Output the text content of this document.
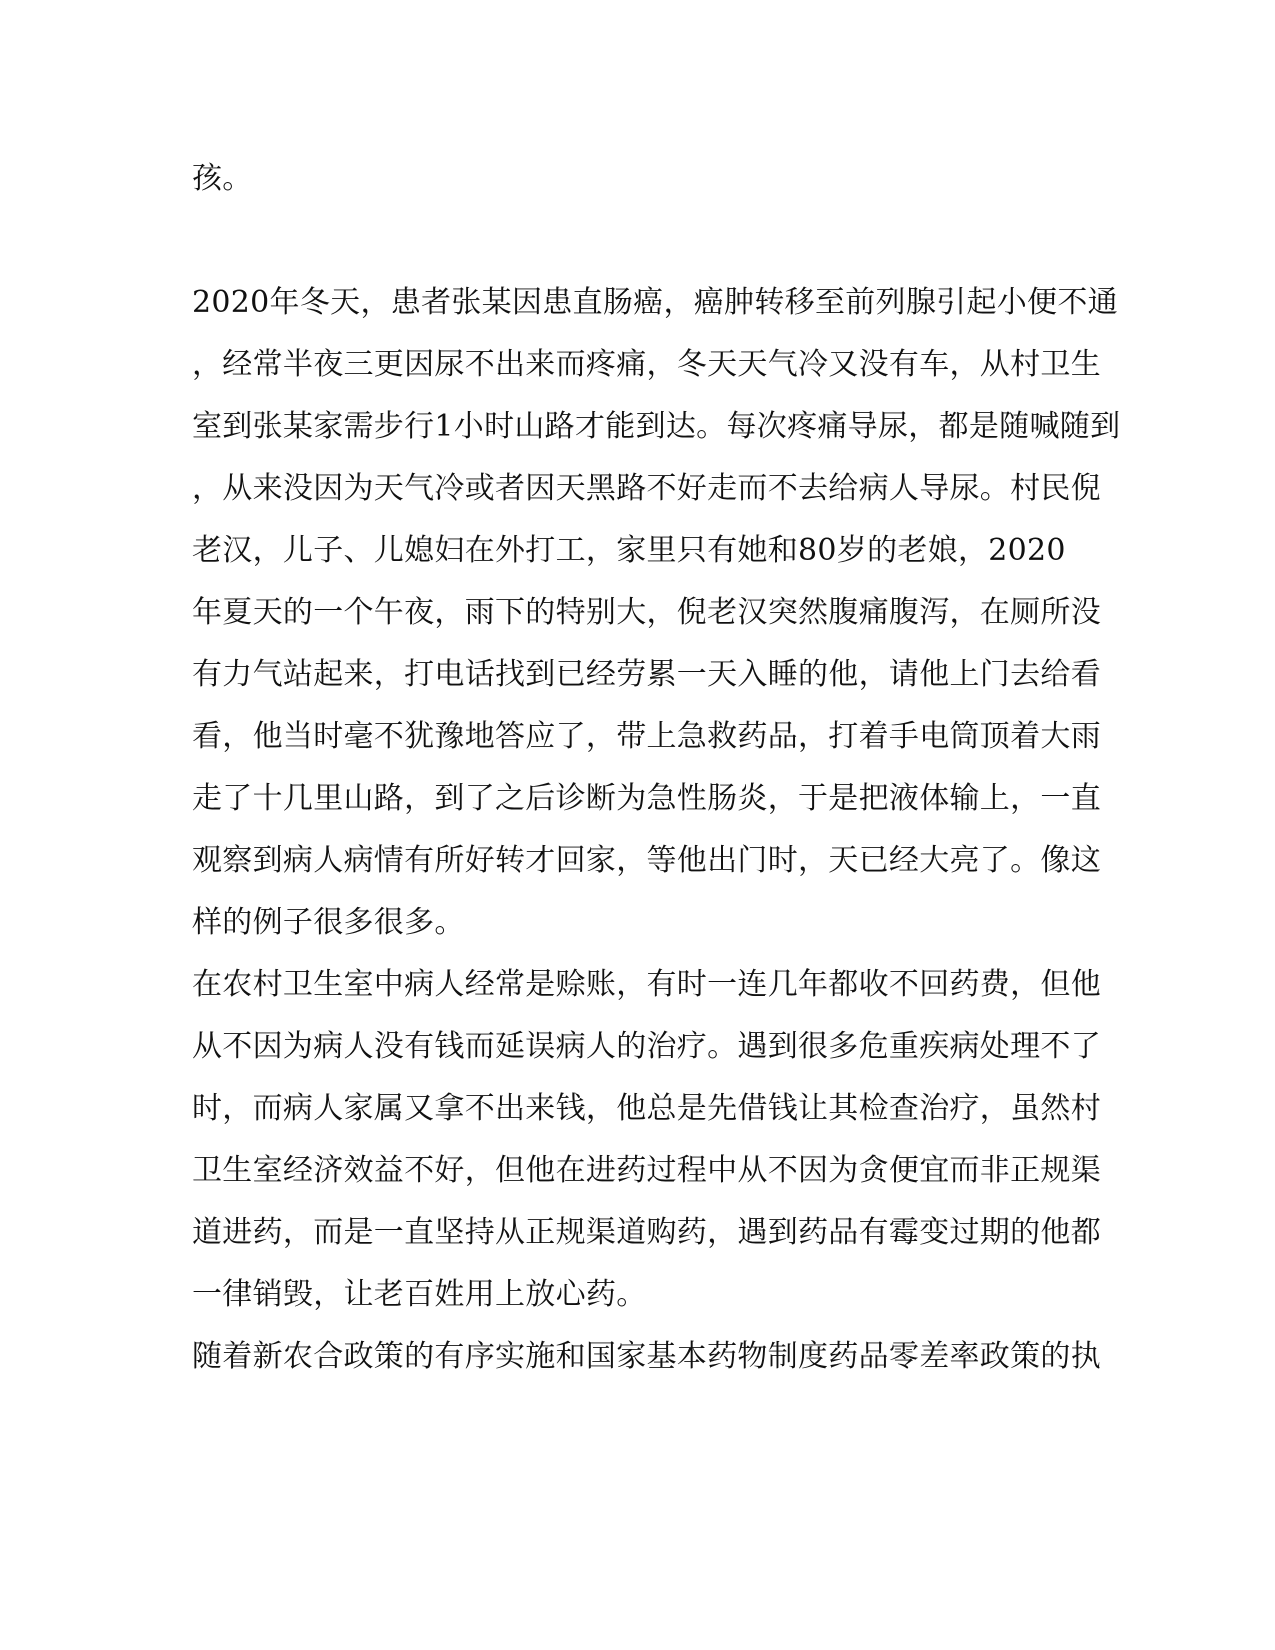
孩。
2020年冬天，患者张某因患直肠癌，癌肿转移至前列腺引起小便不通
，经常半夜三更因尿不出来而疼痛，冬天天气冷又没有车，从村卫生
室到张某家需步行1小时山路才能到达。每次疼痛导尿，都是随喊随到
，从来没因为天气冷或者因天黑路不好走而不去给病人导尿。村民倪
老汉，儿子、儿媳妇在外打工，家里只有她和80岁的老娘，2020
年夏天的一个午夜，雨下的特别大，倪老汉突然腹痛腹泻，在厕所没
有力气站起来，打电话找到已经劳累一天入睡的他，请他上门去给看
看，他当时毫不犹豫地答应了，带上急救药品，打着手电筒顶着大雨
走了十几里山路，到了之后诊断为急性肠炎，于是把液体输上，一直
观察到病人病情有所好转才回家，等他出门时，天已经大亮了。像这
样的例子很多很多。
在农村卫生室中病人经常是赊账，有时一连几年都收不回药费，但他
从不因为病人没有钱而延误病人的治疗。遇到很多危重疾病处理不了
时，而病人家属又拿不出来钱，他总是先借钱让其检查治疗，虽然村
卫生室经济效益不好，但他在进药过程中从不因为贪便宜而非正规渠
道进药，而是一直坚持从正规渠道购药，遇到药品有霉变过期的他都
一律销毁，让老百姓用上放心药。
随着新农合政策的有序实施和国家基本药物制度药品零差率政策的执
